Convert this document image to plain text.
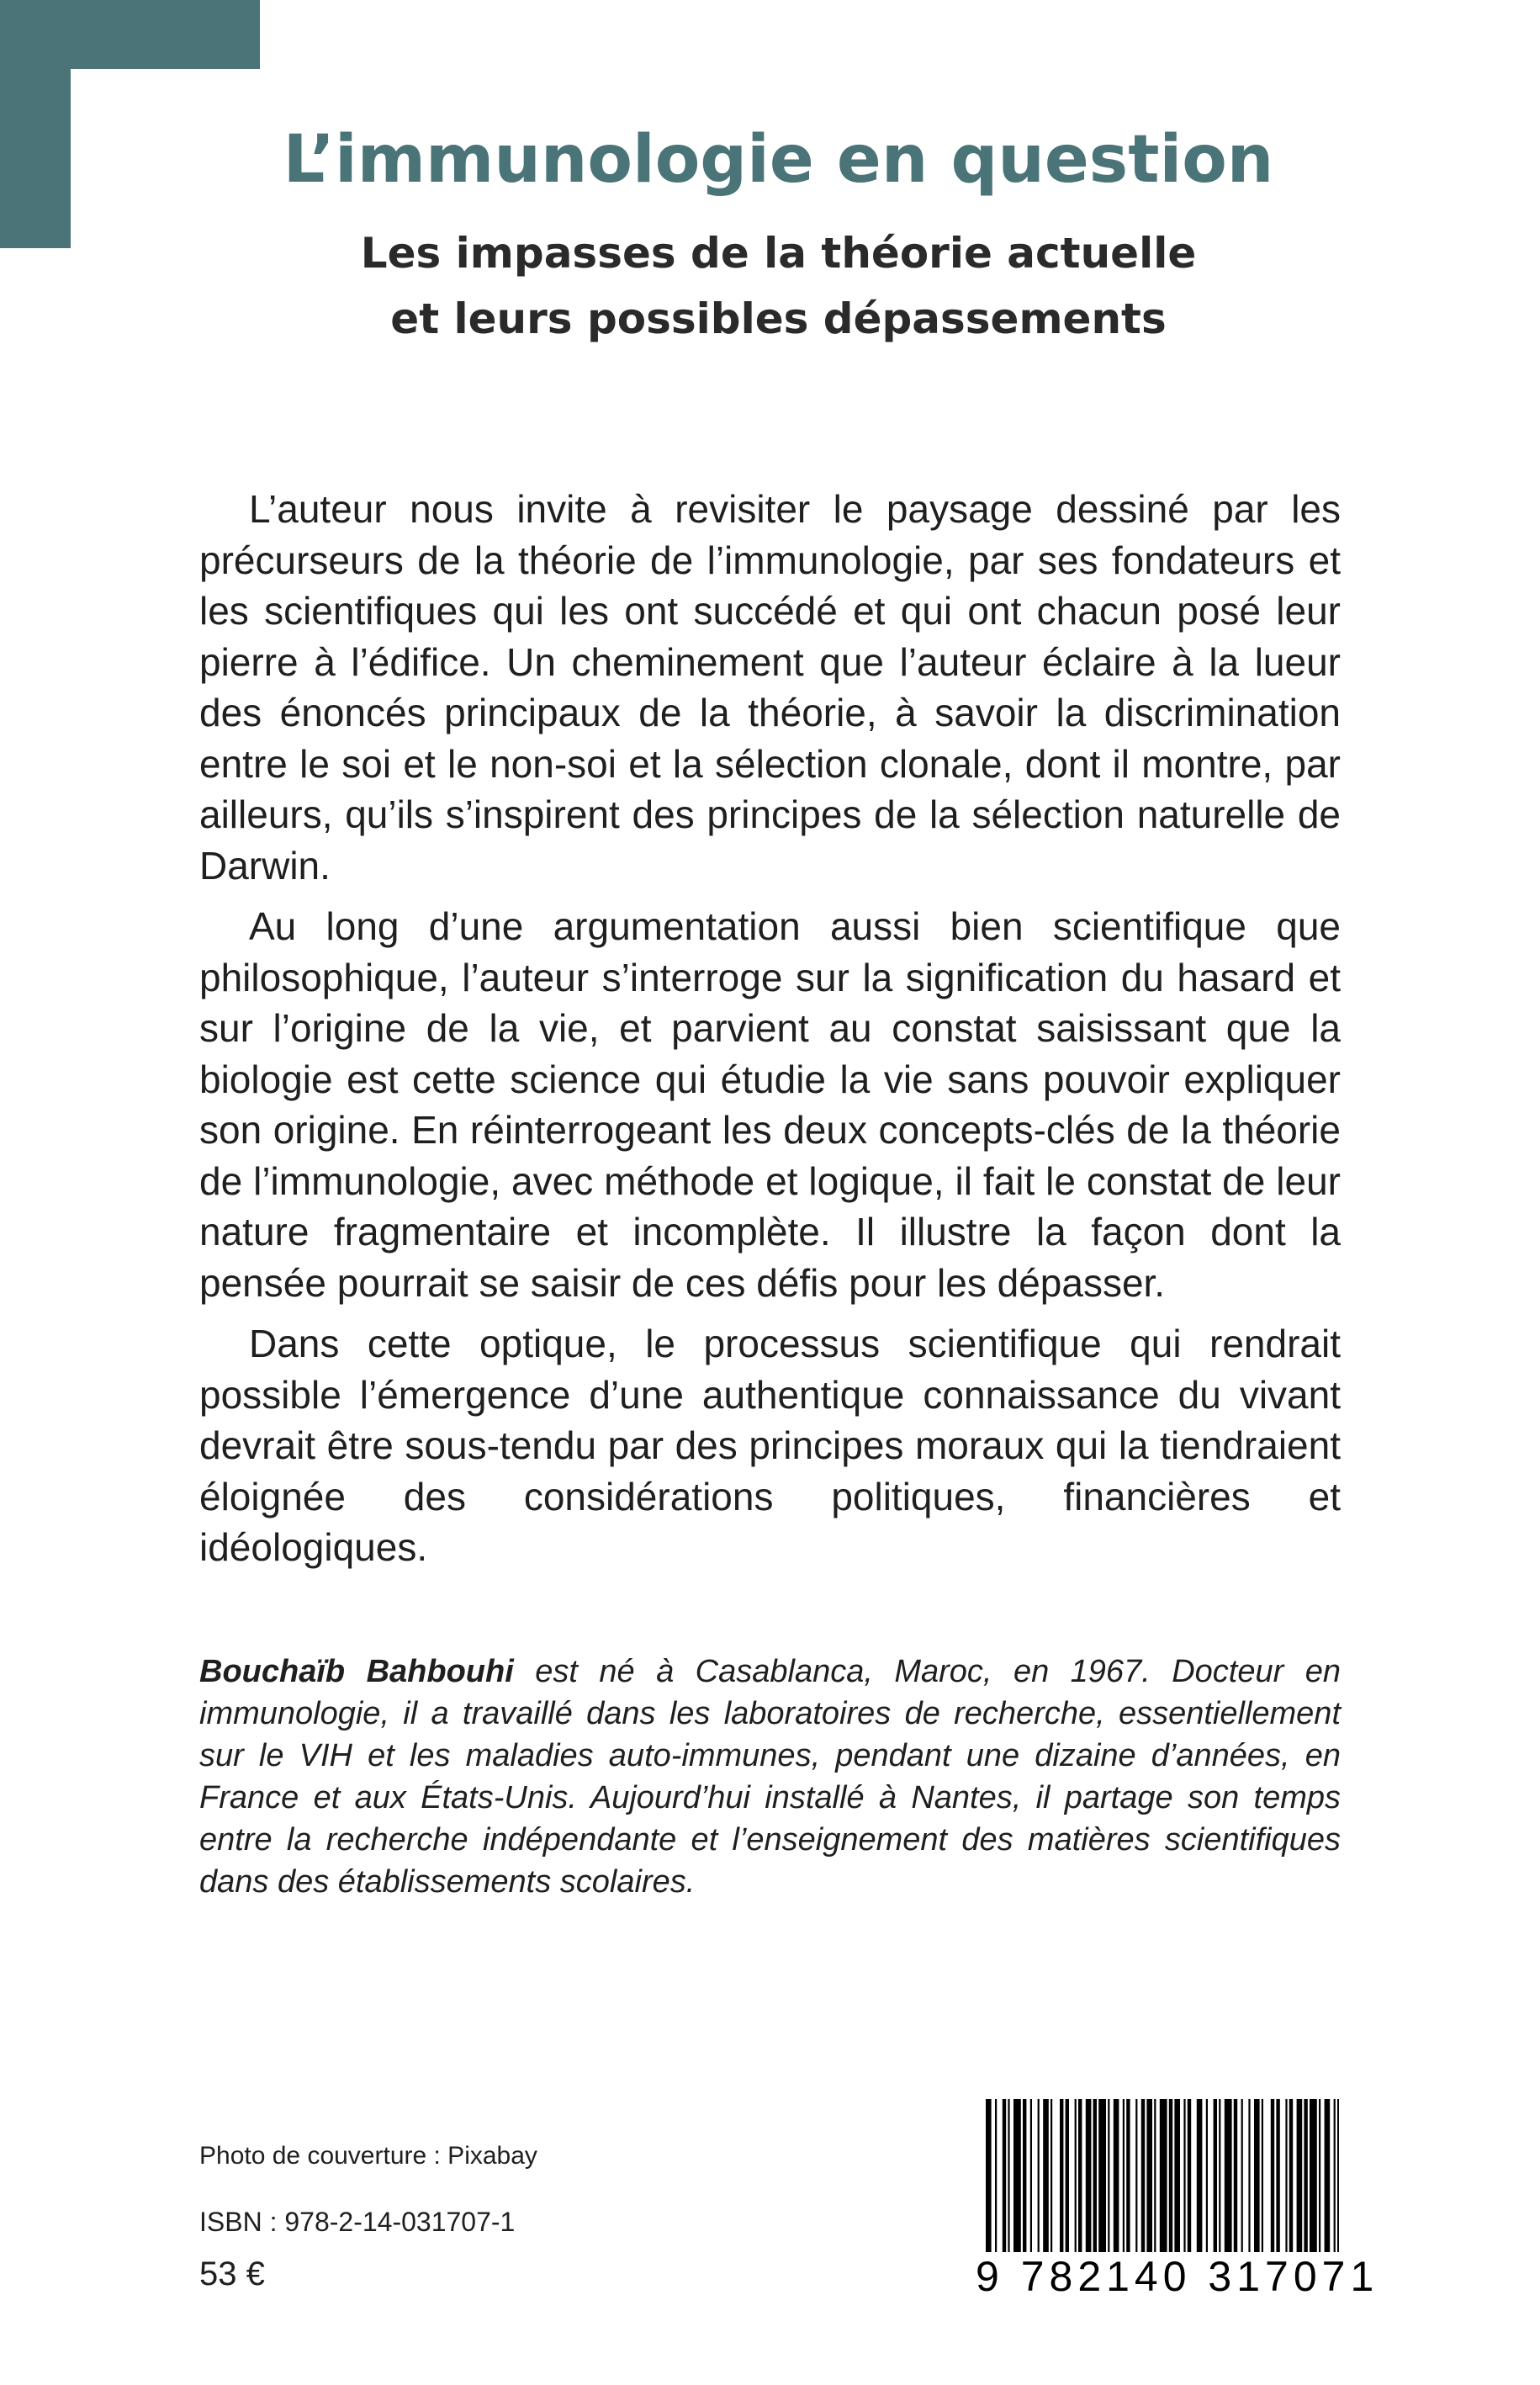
L’immunologie en question
Les impasses de la théorie actuelle
et leurs possibles dépassements

L’auteur nous invite à revisiter le paysage dessiné par les précurseurs de la théorie de l’immunologie, par ses fondateurs et les scientifiques qui les ont succédé et qui ont chacun posé leur pierre à l’édifice. Un cheminement que l’auteur éclaire à la lueur des énoncés principaux de la théorie, à savoir la discrimination entre le soi et le non-soi et la sélection clonale, dont il montre, par ailleurs, qu’ils s’inspirent des principes de la sélection naturelle de Darwin.

Au long d’une argumentation aussi bien scientifique que philosophique, l’auteur s’interroge sur la signification du hasard et sur l’origine de la vie, et parvient au constat saisissant que la biologie est cette science qui étudie la vie sans pouvoir expliquer son origine. En réinterrogeant les deux concepts-clés de la théorie de l’immunologie, avec méthode et logique, il fait le constat de leur nature fragmentaire et incomplète. Il illustre la façon dont la pensée pourrait se saisir de ces défis pour les dépasser.

Dans cette optique, le processus scientifique qui rendrait possible l’émergence d’une authentique connaissance du vivant devrait être sous-tendu par des principes moraux qui la tiendraient éloignée des considérations politiques, financières et idéologiques.

Bouchaïb Bahbouhi est né à Casablanca, Maroc, en 1967. Docteur en immunologie, il a travaillé dans les laboratoires de recherche, essentiellement sur le VIH et les maladies auto-immunes, pendant une dizaine d’années, en France et aux États-Unis. Aujourd’hui installé à Nantes, il partage son temps entre la recherche indépendante et l’enseignement des matières scientifiques dans des établissements scolaires.
Photo de couverture : Pixabay
ISBN : 978-2-14-031707-1
53 €	9 782140 317071
